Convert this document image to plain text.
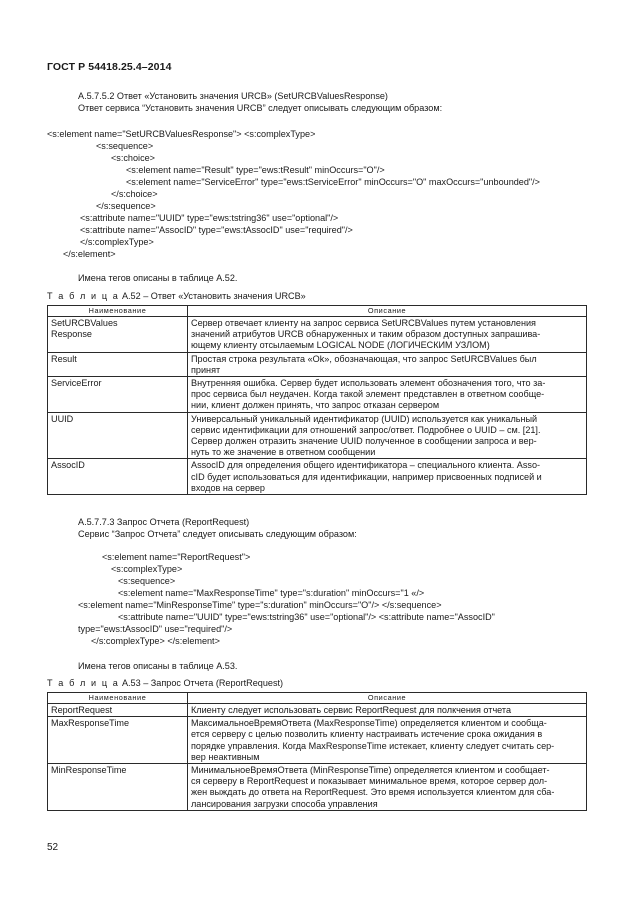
ГОСТ Р 54418.25.4–2014
А.5.7.5.2 Ответ «Установить значения URCB» (SetURCBValuesResponse)
Ответ сервиса “Установить значения URCB” следует описывать следующим образом:
<s:element name="SetURCBValuesResponse"> <s:complexType>
<s:sequence>
<s:choice>
<s:element name="Result" type="ews:tResult" minOccurs="O"/>
<s:element name="ServiceError" type="ews:tServiceError" minOccurs="O" maxOccurs="unbounded"/>
</s:choice>
</s:sequence>
<s:attribute name="UUID" type="ews:tstring36" use="optional"/>
<s:attribute name="AssocID" type="ews:tAssocID" use="required"/>
</s:complexType>
</s:element>
Имена тегов описаны в таблице А.52.
Т а б л и ц а А.52 – Ответ «Установить значения URCB»
Наименование	Описание
SetURCBValues
Response	Сервер отвечает клиенту на запрос сервиса SetURCBValues путем установления
значений атрибутов URCB обнаруженных и таким образом доступных запрашива-
ющему клиенту отсылаемым LOGICAL NODE (ЛОГИЧЕСКИМ УЗЛОМ)
Result	Простая строка результата «Ok», обозначающая, что запрос SetURCBValues был
принят
ServiceError	Внутренняя ошибка. Сервер будет использовать элемент обозначения того, что за-
прос сервиса был неудачен. Когда такой элемент представлен в ответном сообще-
нии, клиент должен принять, что запрос отказан сервером
UUID	Универсальный уникальный идентификатор (UUID) используется как уникальный
сервис идентификации для отношений запрос/ответ. Подробнее о UUID – см. [21].
Сервер должен отразить значение UUID полученное в сообщении запроса и вер-
нуть то же значение в ответном сообщении
AssocID	AssocID для определения общего идентификатора – специального клиента. Asso-
cID будет использоваться для идентификации, например присвоенных подписей и
входов на сервер
А.5.7.7.3 Запрос Отчета (ReportRequest)
Сервис “Запрос Отчета” следует описывать следующим образом:
<s:element name="ReportRequest">
<s:complexType>
<s:sequence>
<s:element name="MaxResponseTime" type="s:duration" minOccurs="1 «/>
<s:element name="MinResponseTime" type="s:duration" minOccurs="O"/> </s:sequence>
<s:attribute name="UUID" type="ews:tstring36" use="optional"/> <s:attribute name="AssocID"
type="ews:tAssocID" use="required"/>
</s:complexType> </s:element>
Имена тегов описаны в таблице А.53.
Т а б л и ц а А.53 – Запрос Отчета (ReportRequest)
Наименование	Описание
ReportRequest	Клиенту следует использовать сервис ReportRequest для полкчения отчета
MaxResponseTime	МаксимальноеВремяОтвета (MaxResponseTime) определяется клиентом и сообща-
ется серверу с целью позволить клиенту настраивать истечение срока ожидания в
порядке управления. Когда MaxResponseTime истекает, клиенту следует считать сер-
вер неактивным
MinResponseTime	МинимальноеВремяОтвета (MinResponseTime) определяется клиентом и сообщает-
ся серверу в ReportRequest и показывает минимальное время, которое сервер дол-
жен выждать до ответа на ReportRequest. Это время используется клиентом для сба-
лансирования загрузки способа управления
52
